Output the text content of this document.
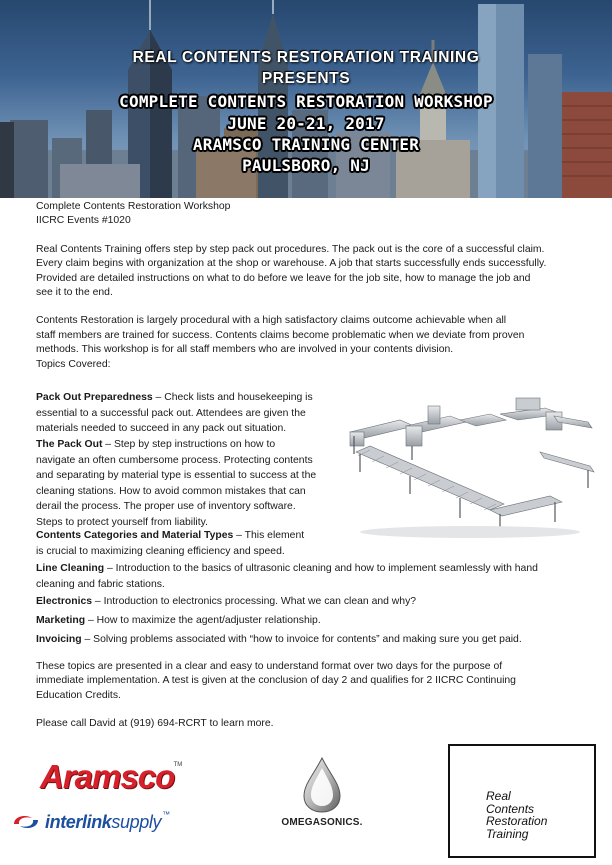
REAL CONTENTS RESTORATION TRAINING
PRESENTS
COMPLETE CONTENTS RESTORATION WORKSHOP
JUNE 20-21, 2017
ARAMSCO TRAINING CENTER
PAULSBORO, NJ
Complete Contents Restoration Workshop
IICRC Events #1020
Real Contents Training offers step by step pack out procedures. The pack out is the core of a successful claim.
Every claim begins with organization at the shop or warehouse. A job that starts successfully ends successfully.
Provided are detailed instructions on what to do before we leave for the job site, how to manage the job and
see it to the end.
Contents Restoration is largely procedural with a high satisfactory claims outcome achievable when all
staff members are trained for success. Contents claims become problematic when we deviate from proven
methods. This workshop is for all staff members who are involved in your contents division.
Topics Covered:
Pack Out Preparedness – Check lists and housekeeping is
essential to a successful pack out. Attendees are given the
materials needed to succeed in any pack out situation.
The Pack Out – Step by step instructions on how to
navigate an often cumbersome process. Protecting contents
and separating by material type is essential to success at the
cleaning stations. How to avoid common mistakes that can
derail the process. The proper use of inventory software.
Steps to protect yourself from liability.
Contents Categories and Material Types – This element
is crucial to maximizing cleaning efficiency and speed.
Line Cleaning – Introduction to the basics of ultrasonic cleaning and how to implement seamlessly with hand
cleaning and fabric stations.
Electronics – Introduction to electronics processing. What we can clean and why?
Marketing – How to maximize the agent/adjuster relationship.
Invoicing – Solving problems associated with “how to invoice for contents” and making sure you get paid.
These topics are presented in a clear and easy to understand format over two days for the purpose of
immediate implementation. A test is given at the conclusion of day 2 and qualifies for 2 IICRC Continuing
Education Credits.
Please call David at (919) 694-RCRT to learn more.
Aramsco TM
interlinksupply ™
OMEGASONICS.
Real
Contents
Restoration
Training
